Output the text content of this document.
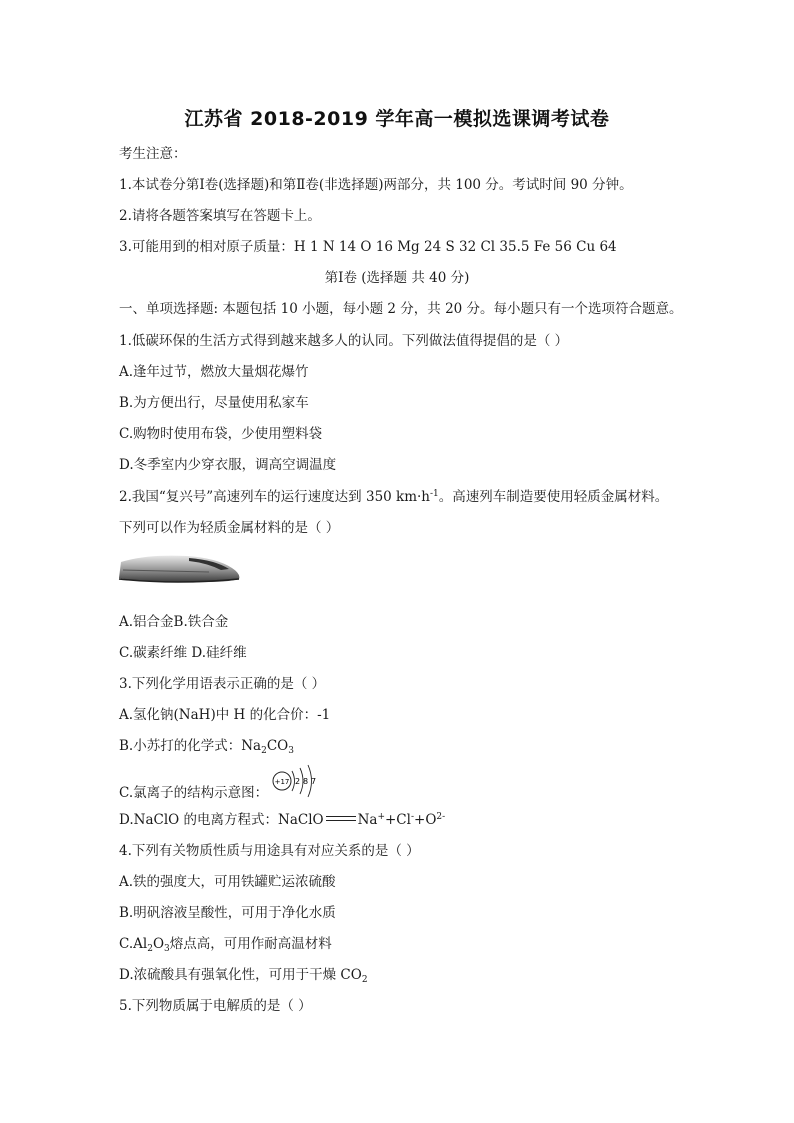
江苏省 2018-2019 学年高一模拟选课调考试卷
考生注意：
1.本试卷分第Ⅰ卷(选择题)和第Ⅱ卷(非选择题)两部分，共 100 分。考试时间 90 分钟。
2.请将各题答案填写在答题卡上。
3.可能用到的相对原子质量：H 1 N 14 O 16 Mg 24 S 32 Cl 35.5 Fe 56 Cu 64
第Ⅰ卷 (选择题 共 40 分)
一、单项选择题: 本题包括 10 小题，每小题 2 分，共 20 分。每小题只有一个选项符合题意。
1.低碳环保的生活方式得到越来越多人的认同。下列做法值得提倡的是（ ）
A.逢年过节，燃放大量烟花爆竹
B.为方便出行，尽量使用私家车
C.购物时使用布袋，少使用塑料袋
D.冬季室内少穿衣服，调高空调温度
2.我国“复兴号”高速列车的运行速度达到 350 $km\cdot h^{-1}$。高速列车制造要使用轻质金属材料。
下列可以作为轻质金属材料的是（ ）
A.铝合金B.铁合金
C.碳素纤维 D.硅纤维
3.下列化学用语表示正确的是（ ）
A.氢化钠(NaH)中 H 的化合价：-1
B.小苏打的化学式：$Na_2CO_3$
C.氯离子的结构示意图：
+17 2 8 7
D.NaClO 的电离方程式：NaClO	$Na^++Cl^-+O^{2-}$
4.下列有关物质性质与用途具有对应关系的是（ ）
A.铁的强度大，可用铁罐贮运浓硫酸
B.明矾溶液呈酸性，可用于净化水质
$C.Al_2O_3$熔点高，可用作耐高温材料
D.浓硫酸具有强氧化性，可用于干燥 $CO_2$
5.下列物质属于电解质的是（ ）
